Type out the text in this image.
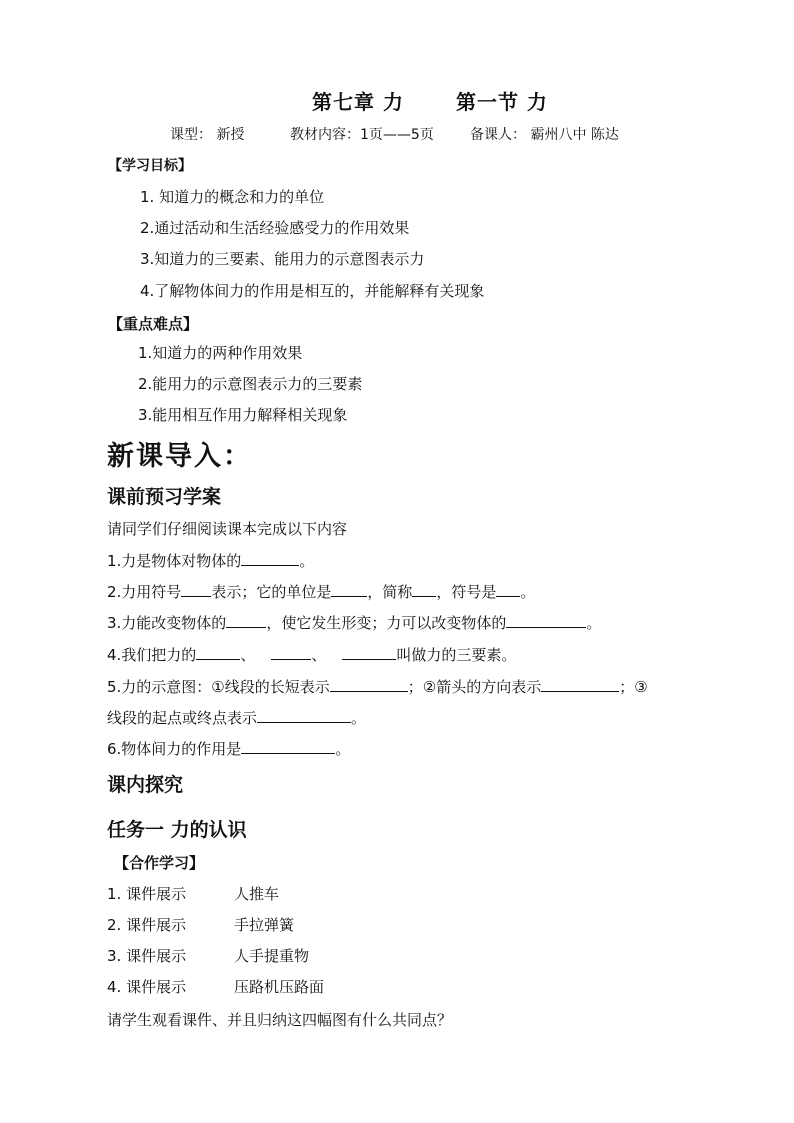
第七章 力	第一节 力
课型： 新授	教材内容：1页——5页	备课人： 霸州八中 陈达
【学习目标】
1. 知道力的概念和力的单位
2.通过活动和生活经验感受力的作用效果
3.知道力的三要素、能用力的示意图表示力
4.了解物体间力的作用是相互的，并能解释有关现象
【重点难点】
1.知道力的两种作用效果
2.能用力的示意图表示力的三要素
3.能用相互作用力解释相关现象
新课导入：
课前预习学案
请同学们仔细阅读课本完成以下内容
1.力是物体对物体的	。
2.力用符号 表示；它的单位是 ，简称 ，符号是 。
3.力能改变物体的	，使它发生形变；力可以改变物体的	。
4.我们把力的	、	、	叫做力的三要素。
5.力的示意图：①线段的长短表示	；②箭头的方向表示	；③
线段的起点或终点表示	。
6.物体间力的作用是	。
课内探究
任务一 力的认识
【合作学习】
1. 课件展示	人推车
2. 课件展示	手拉弹簧
3. 课件展示	人手提重物
4. 课件展示	压路机压路面
请学生观看课件、并且归纳这四幅图有什么共同点？
